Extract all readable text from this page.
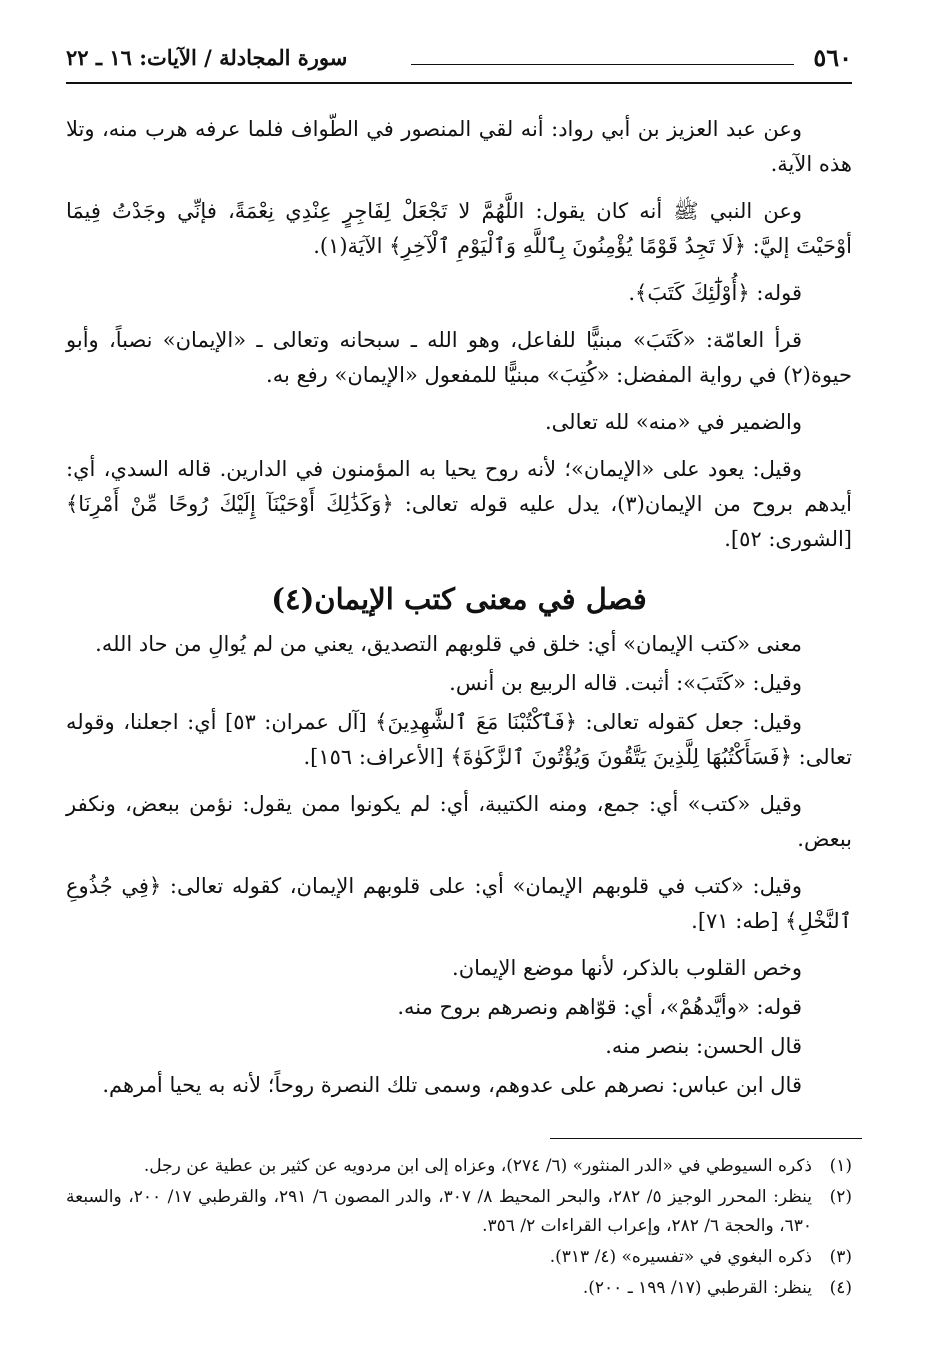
٥٦٠
سورة المجادلة / الآيات: ١٦ ـ ٢٢

وعن عبد العزيز بن أبي رواد: أنه لقي المنصور في الطّواف فلما عرفه هرب منه، وتلا هذه الآية.

وعن النبي ﷺ أنه كان يقول: اللَّهُمَّ لا تَجْعَلْ لِفَاجِرٍ عِنْدِي نِعْمَةً، فإنِّي وجَدْتُ فِيمَا أوْحَيْتَ إليَّ: ﴿لَا تَجِدُ قَوْمًا يُؤْمِنُونَ بِٱللَّهِ وَٱلْيَوْمِ ٱلْآخِرِ﴾ الآيَة(١).

قوله: ﴿أُوْلَٰٓئِكَ كَتَبَ﴾.

قرأ العامّة: «كَتَبَ» مبنيًّا للفاعل، وهو الله ـ سبحانه وتعالى ـ «الإيمان» نصباً، وأبو حيوة(٢) في رواية المفضل: «كُتِبَ» مبنيًّا للمفعول «الإيمان» رفع به.

والضمير في «منه» لله تعالى.

وقيل: يعود على «الإيمان»؛ لأنه روح يحيا به المؤمنون في الدارين. قاله السدي، أي: أيدهم بروح من الإيمان(٣)، يدل عليه قوله تعالى: ﴿وَكَذَٰلِكَ أَوْحَيْنَآ إِلَيْكَ رُوحًا مِّنْ أَمْرِنَا﴾ [الشورى: ٥٢].

فصل في معنى كتب الإيمان(٤)

معنى «كتب الإيمان» أي: خلق في قلوبهم التصديق، يعني من لم يُوالِ من حاد الله.

وقيل: «كَتَبَ»: أثبت. قاله الربيع بن أنس.

وقيل: جعل كقوله تعالى: ﴿فَٱكْتُبْنَا مَعَ ٱلشَّٰهِدِينَ﴾ [آل عمران: ٥٣] أي: اجعلنا، وقوله تعالى: ﴿فَسَأَكْتُبُهَا لِلَّذِينَ يَتَّقُونَ وَيُؤْتُونَ ٱلزَّكَوٰةَ﴾ [الأعراف: ١٥٦].

وقيل «كتب» أي: جمع، ومنه الكتيبة، أي: لم يكونوا ممن يقول: نؤمن ببعض، ونكفر ببعض.

وقيل: «كتب في قلوبهم الإيمان» أي: على قلوبهم الإيمان، كقوله تعالى: ﴿فِي جُذُوعِ ٱلنَّخْلِ﴾ [طه: ٧١].

وخص القلوب بالذكر، لأنها موضع الإيمان.

قوله: «وأيَّدهُمْ»، أي: قوّاهم ونصرهم بروح منه.

قال الحسن: بنصر منه.

قال ابن عباس: نصرهم على عدوهم، وسمى تلك النصرة روحاً؛ لأنه به يحيا أمرهم.

(١)ذكره السيوطي في «الدر المنثور» (٦/ ٢٧٤)، وعزاه إلى ابن مردويه عن كثير بن عطية عن رجل.

(٢)ينظر: المحرر الوجيز ٥/ ٢٨٢، والبحر المحيط ٨/ ٣٠٧، والدر المصون ٦/ ٢٩١، والقرطبي ١٧/ ٢٠٠، والسبعة ٦٣٠، والحجة ٦/ ٢٨٢، وإعراب القراءات ٢/ ٣٥٦.

(٣)ذكره البغوي في «تفسيره» (٤/ ٣١٣).

(٤)ينظر: القرطبي (١٧/ ١٩٩ ـ ٢٠٠).
